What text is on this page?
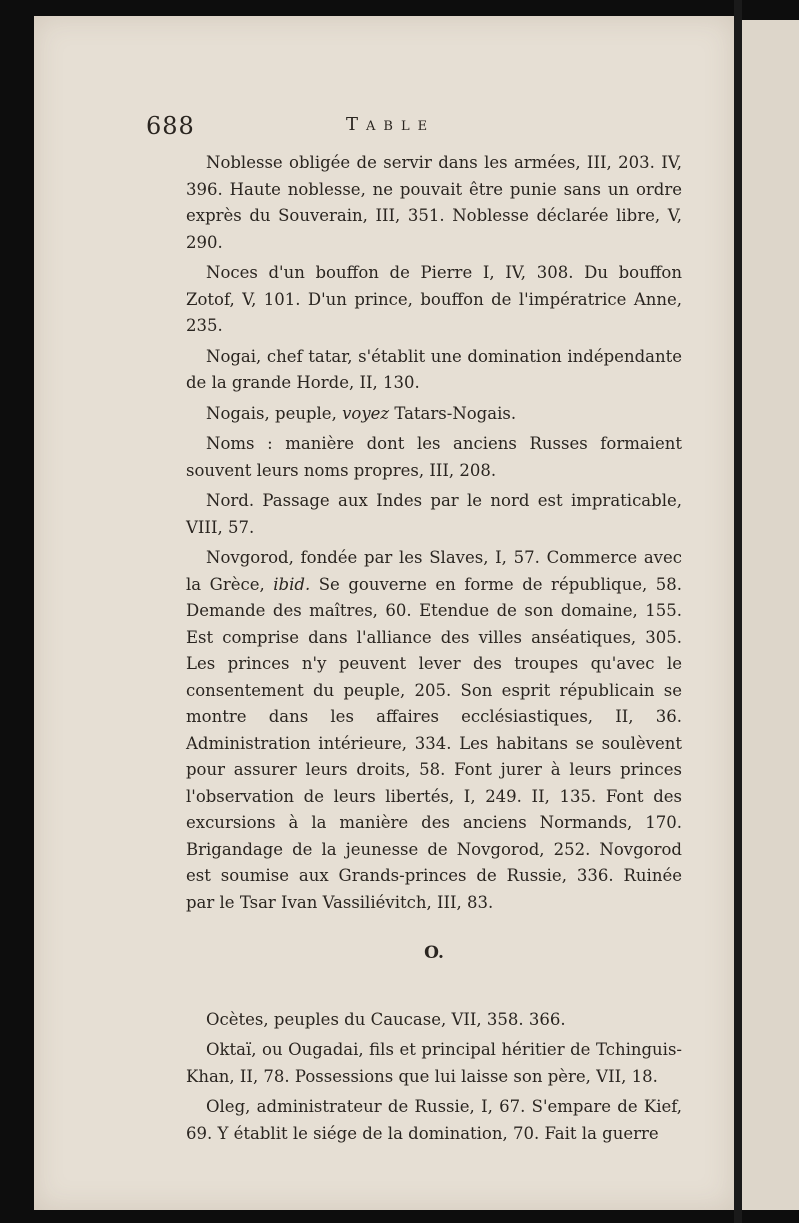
688	Table

Noblesse obligée de servir dans les armées, III, 203. IV, 396. Haute noblesse, ne pouvait être punie sans un ordre exprès du Souverain, III, 351. Noblesse déclarée libre, V, 290.

Noces d'un bouffon de Pierre I, IV, 308. Du bouffon Zotof, V, 101. D'un prince, bouffon de l'impératrice Anne, 235.

Nogai, chef tatar, s'établit une domination indépendante de la grande Horde, II, 130.

Nogais, peuple, voyez Tatars-Nogais.

Noms : manière dont les anciens Russes formaient souvent leurs noms propres, III, 208.

Nord. Passage aux Indes par le nord est impraticable, VIII, 57.

Novgorod, fondée par les Slaves, I, 57. Commerce avec la Grèce, ibid. Se gouverne en forme de république, 58. Demande des maîtres, 60. Etendue de son domaine, 155. Est comprise dans l'alliance des villes anséatiques, 305. Les princes n'y peuvent lever des troupes qu'avec le consentement du peuple, 205. Son esprit républicain se montre dans les affaires ecclésiastiques, II, 36. Administration intérieure, 334. Les habitans se soulèvent pour assurer leurs droits, 58. Font jurer à leurs princes l'observation de leurs libertés, I, 249. II, 135. Font des excursions à la manière des anciens Normands, 170. Brigandage de la jeunesse de Novgorod, 252. Novgorod est soumise aux Grands-princes de Russie, 336. Ruinée par le Tsar Ivan Vassiliévitch, III, 83.

O.

Ocètes, peuples du Caucase, VII, 358. 366.

Oktaï, ou Ougadai, fils et principal héritier de Tchinguis-Khan, II, 78. Possessions que lui laisse son père, VII, 18.

Oleg, administrateur de Russie, I, 67. S'empare de Kief, 69. Y établit le siége de la domination, 70. Fait la guerre
